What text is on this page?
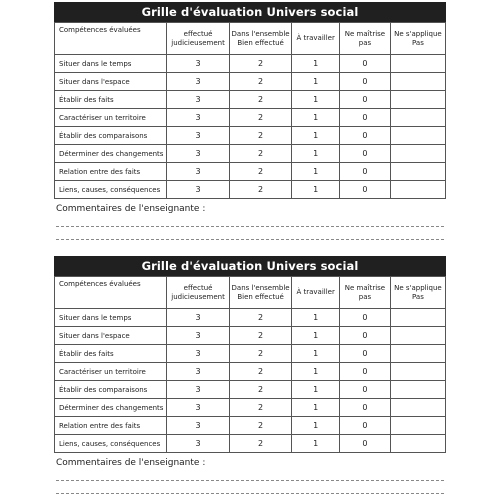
Grille d'évaluation Univers social
Compétences évaluées	effectué judicieusement	Dans l'ensemble Bien effectué	À travailler	Ne maîtrise pas	Ne s'applique Pas
Situer dans le temps	3	2	1	0	
Situer dans l'espace	3	2	1	0	
Établir des faits	3	2	1	0	
Caractériser un territoire	3	2	1	0	
Établir des comparaisons	3	2	1	0	
Déterminer des changements	3	2	1	0	
Relation entre des faits	3	2	1	0	
Liens, causes, conséquences	3	2	1	0	
Commentaires de l'enseignante :
Grille d'évaluation Univers social
Compétences évaluées	effectué judicieusement	Dans l'ensemble Bien effectué	À travailler	Ne maîtrise pas	Ne s'applique Pas
Situer dans le temps	3	2	1	0	
Situer dans l'espace	3	2	1	0	
Établir des faits	3	2	1	0	
Caractériser un territoire	3	2	1	0	
Établir des comparaisons	3	2	1	0	
Déterminer des changements	3	2	1	0	
Relation entre des faits	3	2	1	0	
Liens, causes, conséquences	3	2	1	0	
Commentaires de l'enseignante :
